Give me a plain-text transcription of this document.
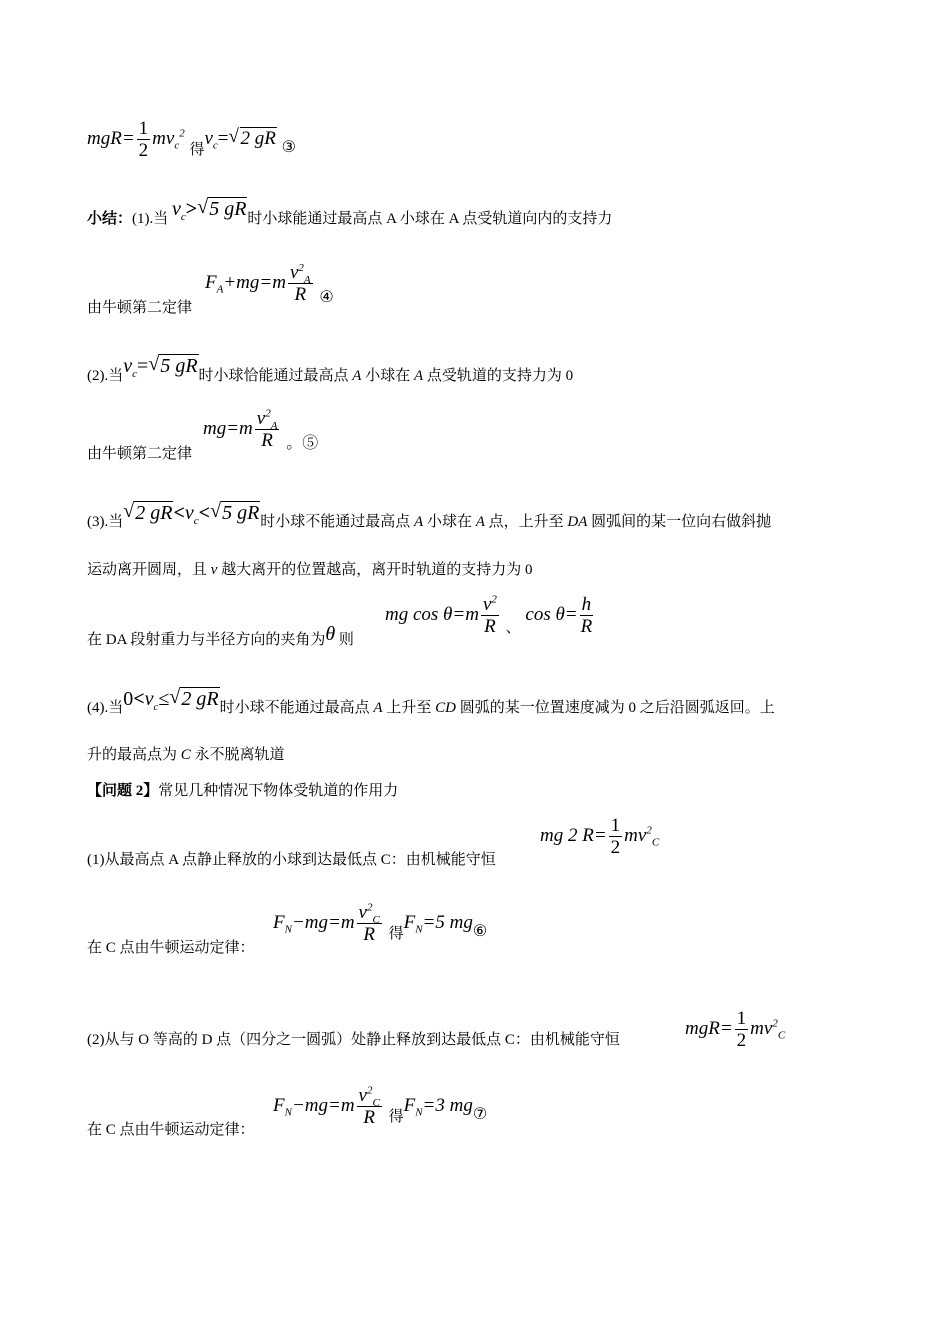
$mgR= \frac{1}{2} mv_c^2$ $_得v_c=√$ 2 gR $_③$
小结：(1).当 $v_c>√$ 5 gR时小球能通过最高点 A 小球在 A 点受轨道向内的支持力
由牛顿第二定律
$F_A+mg=m \frac{v^2_A}{R} _④$
(2).当$v_c=√$ 5 gR时小球恰能通过最高点 A 小球在 A 点受轨道的支持力为 0
由牛顿第二定律
$mg=m \frac{v^2_A}{R} _{。⑤}$
(3).当√ 2 $gR<v_c<√$ 5 gR时小球不能通过最高点 A 小球在 A 点，上升至 DA 圆弧间的某一位向右做斜抛
运动离开圆周，且 v 越大离开的位置越高，离开时轨道的支持力为 0
在 DA 段射重力与半径方向的夹角为θ 则
mg $\cos \theta=m \frac{v^2}{R} _、$ $\cos \theta= \frac{h}{R}$
(4).当$0<v_c\le√$ 2 gR时小球不能通过最高点 A 上升至 CD 圆弧的某一位置速度减为 0 之后沿圆弧返回。上
升的最高点为 C 永不脱离轨道
【问题 2】常见几种情况下物体受轨道的作用力
(1)从最高点 A 点静止释放的小球到达最低点 C：由机械能守恒
mg 2 $R= \frac{1}{2} mv^2_C$
在 C 点由牛顿运动定律：
$F_N-mg=m \frac{v^2_C}{R} _得F_N=5$ $mg_⑥$
(2)从与 O 等高的 D 点（四分之一圆弧）处静止释放到达最低点 C：由机械能守恒
$mgR= \frac{1}{2} mv^2_C$
在 C 点由牛顿运动定律：
$F_N-mg=m \frac{v^2_C}{R} _得F_N=3$ $mg_⑦$
